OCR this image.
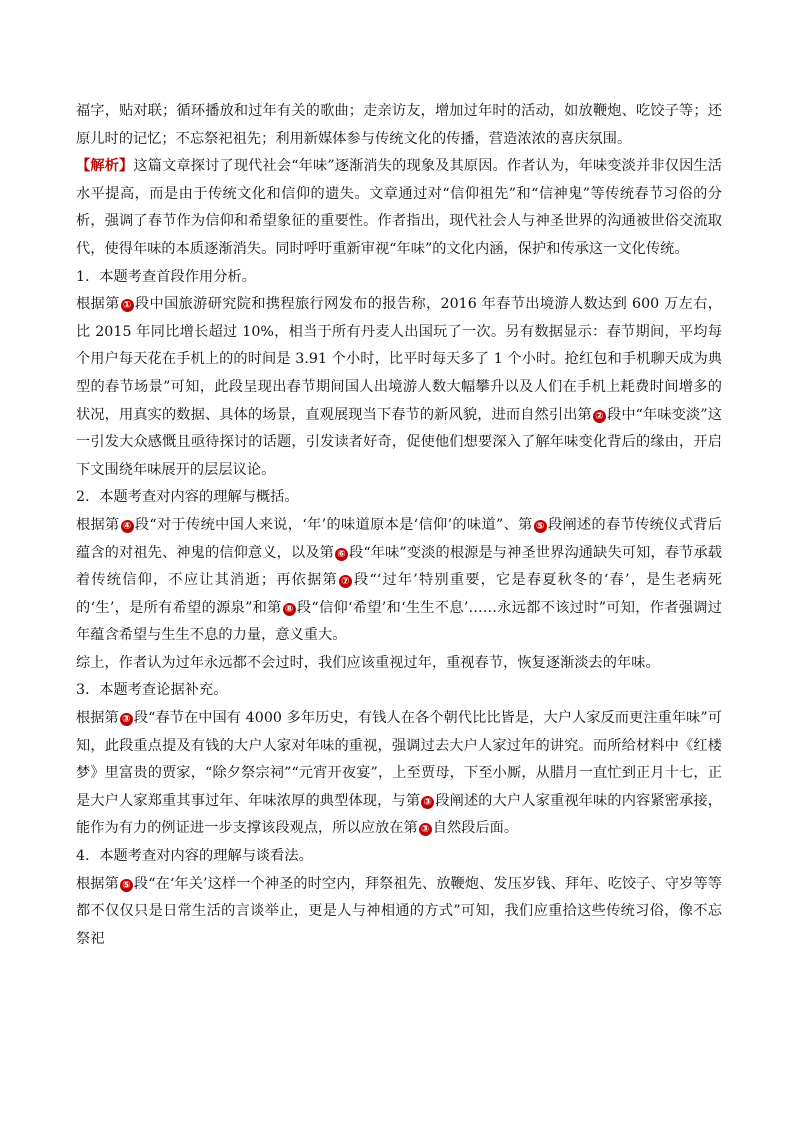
福字，贴对联；循环播放和过年有关的歌曲；走亲访友，增加过年时的活动，如放鞭炮、吃饺子等；还原儿时的记忆；不忘祭祀祖先；利用新媒体参与传统文化的传播，营造浓浓的喜庆氛围。

【解析】这篇文章探讨了现代社会“年味”逐渐消失的现象及其原因。作者认为，年味变淡并非仅因生活水平提高，而是由于传统文化和信仰的遗失。文章通过对“信仰祖先”和“信神鬼”等传统春节习俗的分析，强调了春节作为信仰和希望象征的重要性。作者指出，现代社会人与神圣世界的沟通被世俗交流取代，使得年味的本质逐渐消失。同时呼吁重新审视“年味”的文化内涵，保护和传承这一文化传统。

1．本题考查首段作用分析。

根据第 ① 段中国旅游研究院和携程旅行网发布的报告称，2016 年春节出境游人数达到 600 万左右，比 2015 年同比增长超过 10%，相当于所有丹麦人出国玩了一次。另有数据显示：春节期间，平均每个用户每天花在手机上的的时间是 3.91 个小时，比平时每天多了 1 个小时。抢红包和手机聊天成为典型的春节场景”可知，此段呈现出春节期间国人出境游人数大幅攀升以及人们在手机上耗费时间增多的状况，用真实的数据、具体的场景，直观展现当下春节的新风貌，进而自然引出第 ② 段中“年味变淡”这一引发大众感慨且亟待探讨的话题，引发读者好奇，促使他们想要深入了解年味变化背后的缘由，开启下文围绕年味展开的层层议论。

2．本题考查对内容的理解与概括。

根据第 ④ 段“对于传统中国人来说，‘年’的味道原本是‘信仰’的味道”、第 ⑤ 段阐述的春节传统仪式背后蕴含的对祖先、神鬼的信仰意义，以及第 ⑥ 段“年味”变淡的根源是与神圣世界沟通缺失可知，春节承载着传统信仰，不应让其消逝；再依据第 ⑦ 段“‘过年’特别重要，它是春夏秋冬的‘春’，是生老病死的‘生’，是所有希望的源泉”和第 ⑧ 段“信仰‘希望’和‘生生不息’……永远都不该过时”可知，作者强调过年蕴含希望与生生不息的力量，意义重大。

综上，作者认为过年永远都不会过时，我们应该重视过年，重视春节，恢复逐渐淡去的年味。

3．本题考查论据补充。

根据第 ③ 段“春节在中国有 4000 多年历史，有钱人在各个朝代比比皆是，大户人家反而更注重年味”可知，此段重点提及有钱的大户人家对年味的重视，强调过去大户人家过年的讲究。而所给材料中《红楼梦》里富贵的贾家，“除夕祭宗祠”“元宵开夜宴”，上至贾母，下至小厮，从腊月一直忙到正月十七，正是大户人家郑重其事过年、年味浓厚的典型体现，与第 ③ 段阐述的大户人家重视年味的内容紧密承接，能作为有力的例证进一步支撑该段观点，所以应放在第 ③ 自然段后面。

4．本题考查对内容的理解与谈看法。

根据第 ⑤ 段“在‘年关’这样一个神圣的时空内，拜祭祖先、放鞭炮、发压岁钱、拜年、吃饺子、守岁等等都不仅仅只是日常生活的言谈举止，更是人与神相通的方式”可知，我们应重拾这些传统习俗，像不忘祭祀
